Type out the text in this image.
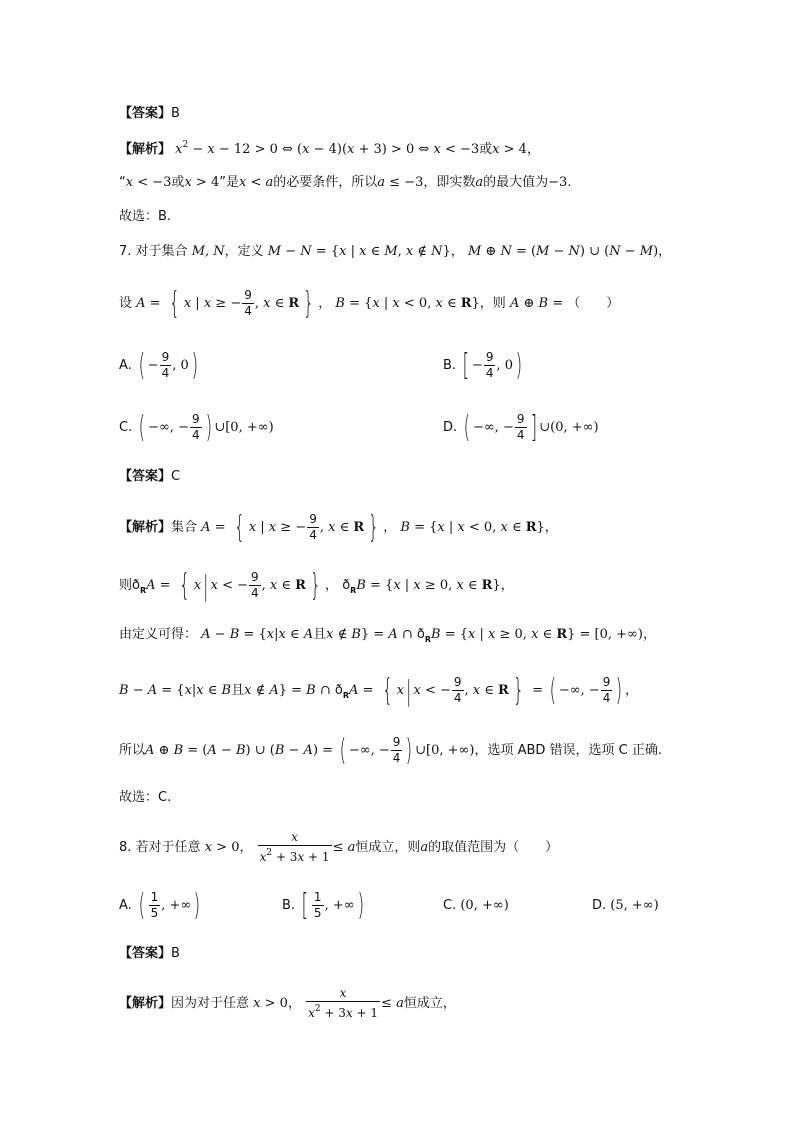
【答案】B
【解析】 $x^2 - x - 12 > 0$ ⇔ (x − 4)(x + 3) > 0 ⇔ x < −3或x > 4，
“x < −3或x > 4”是x < a的必要条件，所以a ≤ −3，即实数a的最大值为−3.
故选：B.
7. 对于集合 M, N，定义 M − N = {x | x ∈ M, x ∉ N}， M ⊕ N = (M − N) ∪ (N − M)，
设 A = { x | x ≥ − $\frac{9}{4}$ , x ∈ R } ， B = {x | x < 0, x ∈ R}，则 A ⊕ B = （　　）
A. ( − $\frac{9}{4}$ , 0)	B. [ − $\frac{9}{4}$ , 0)
C. ( −∞, − $\frac{9}{4}$ ) ∪[0, +∞)	D. ( −∞, − $\frac{9}{4}$ ] ∪(0, +∞)
【答案】C
【解析】集合 A = { x | x ≥ − $\frac{9}{4}$ , x ∈ R } ， B = {x | x < 0, x ∈ R}，
则$ð_RA$ = { x| x < − $\frac{9}{4}$ , x ∈ R } ， $ð_RB = \{x$ | x ≥ 0, x ∈ R}，
由定义可得： A − B = {x|x ∈ A且x ∉ B} = A ∩ $ð_RB = \{x$ | x ≥ 0, x ∈ R} = [0, +∞)，
B − A = {x|x ∈ B且x ∉ A} = B ∩ $ð_RA$ = { x| x < − $\frac{9}{4}$ , x ∈ R } = ( −∞, − $\frac{9}{4}$ ) ，
所以A ⊕ B = (A − B) ∪ (B − A) = ( −∞, − $\frac{9}{4}$ ) ∪[0, +∞)，选项 ABD 错误，选项 C 正确.
故选：C.
8. 若对于任意 x > 0， $\frac{x}{x^2 + 3x + 1} \le a$恒成立，则a的取值范围为（　　）
A. ( $\frac{1}{5}$ , +∞)	B. [ $\frac{1}{5}$ , +∞)	C. (0, +∞)	D. (5, +∞)
【答案】B
【解析】因为对于任意 x > 0， $\frac{x}{x^2 + 3x + 1} \le a$恒成立，
